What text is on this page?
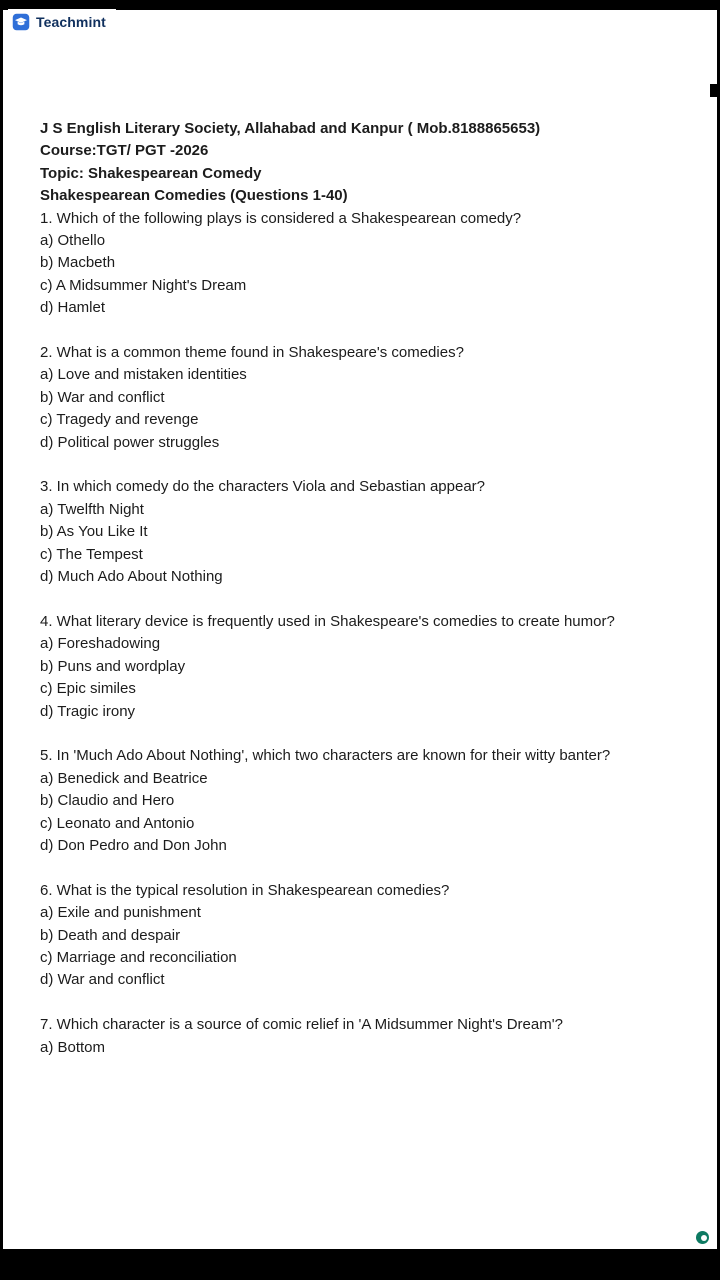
Teachmint

J S English Literary Society, Allahabad and Kanpur ( Mob.8188865653)

Course:TGT/ PGT -2026

Topic: Shakespearean Comedy

Shakespearean Comedies (Questions 1-40)

1. Which of the following plays is considered a Shakespearean comedy?

a) Othello

b) Macbeth

c) A Midsummer Night's Dream

d) Hamlet

2. What is a common theme found in Shakespeare's comedies?

a) Love and mistaken identities

b) War and conflict

c) Tragedy and revenge

d) Political power struggles

3. In which comedy do the characters Viola and Sebastian appear?

a) Twelfth Night

b) As You Like It

c) The Tempest

d) Much Ado About Nothing

4. What literary device is frequently used in Shakespeare's comedies to create humor?

a) Foreshadowing

b) Puns and wordplay

c) Epic similes

d) Tragic irony

5. In 'Much Ado About Nothing', which two characters are known for their witty banter?

a) Benedick and Beatrice

b) Claudio and Hero

c) Leonato and Antonio

d) Don Pedro and Don John

6. What is the typical resolution in Shakespearean comedies?

a) Exile and punishment

b) Death and despair

c) Marriage and reconciliation

d) War and conflict

7. Which character is a source of comic relief in 'A Midsummer Night's Dream'?

a) Bottom
